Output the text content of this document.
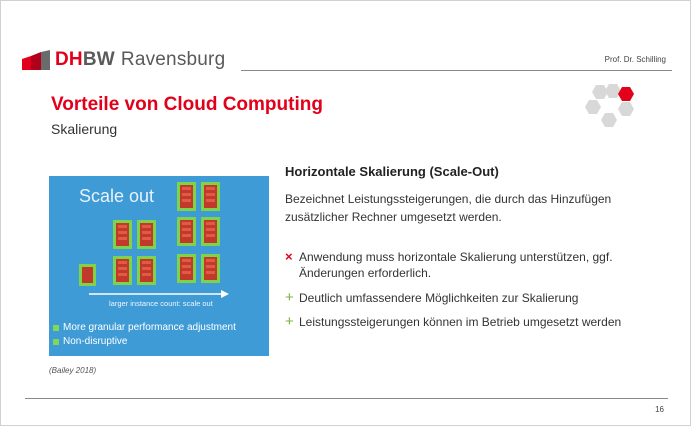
DHBW Ravensburg	Prof. Dr. Schilling
Vorteile von Cloud Computing
Skalierung
Scale out
larger instance count: scale out
More granular performance adjustment
Non-disruptive
(Bailey 2018)
Horizontale Skalierung (Scale-Out)
Bezeichnet Leistungssteigerungen, die durch das Hinzufügen zusätzlicher Rechner umgesetzt werden.
× Anwendung muss horizontale Skalierung unterstützen, ggf. Änderungen erforderlich.
+ Deutlich umfassendere Möglichkeiten zur Skalierung
+ Leistungssteigerungen können im Betrieb umgesetzt werden
16
